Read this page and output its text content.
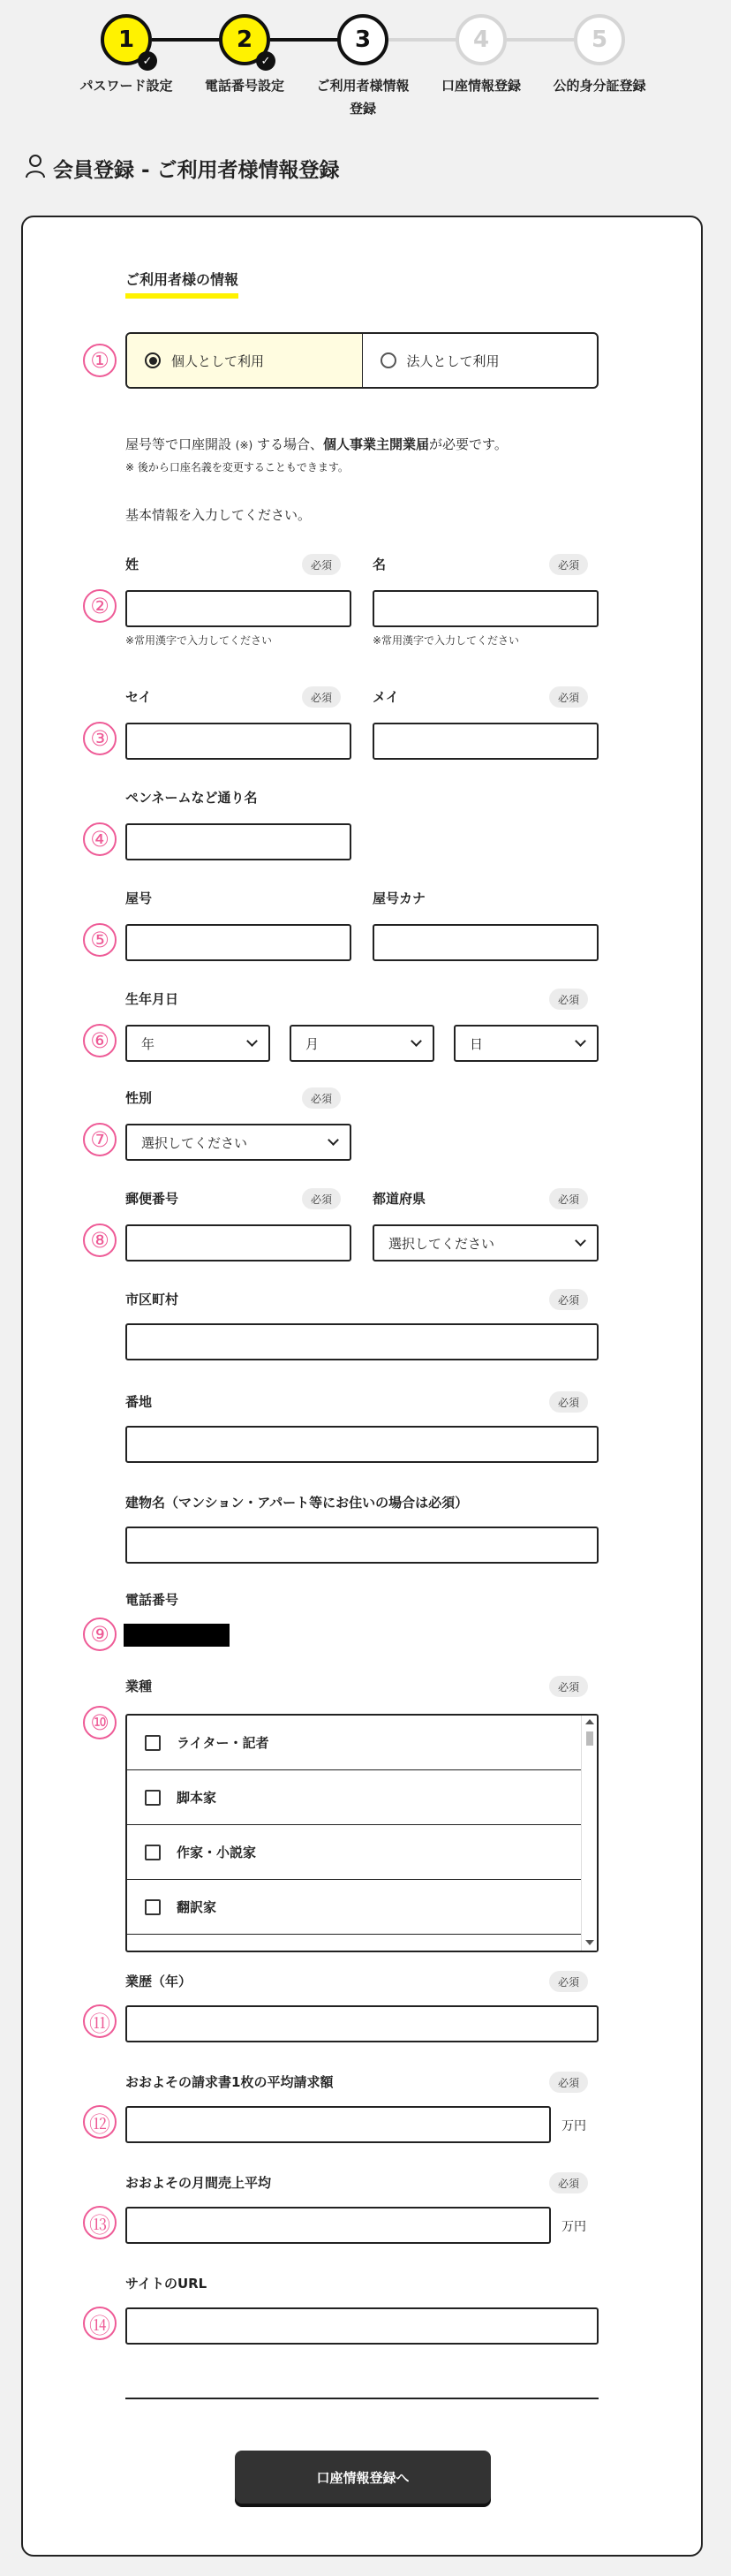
1
✓
2
✓
3	4	5
パスワード設定	電話番号設定	ご利用者様情報
登録
口座情報登録	公的身分証登録
会員登録 - ご利用者様情報登録
ご利用者様の情報
①
②
③
④
⑤
⑥
⑦
⑧
⑨
⑩
⑪
⑫
⑬
⑭
個人として利用	法人として利用
屋号等で口座開設 (※) する場合、個人事業主開業届が必要です。
※ 後から口座名義を変更することもできます。
基本情報を入力してください。
姓	必須	名	必須
※常用漢字で入力してください	※常用漢字で入力してください
セイ	必須	メイ	必須
ペンネームなど通り名
屋号	屋号カナ
生年月日	必須
年	月	日
性別	必須
選択してください
郵便番号	必須	都道府県	必須
選択してください
市区町村	必須
番地	必須
建物名（マンション・アパート等にお住いの場合は必須）
電話番号
業種	必須
ライター・記者
脚本家
作家・小説家
翻訳家
業歴（年）	必須
おおよその請求書1枚の平均請求額	必須
万円
おおよその月間売上平均	必須
万円
サイトのURL
口座情報登録へ
